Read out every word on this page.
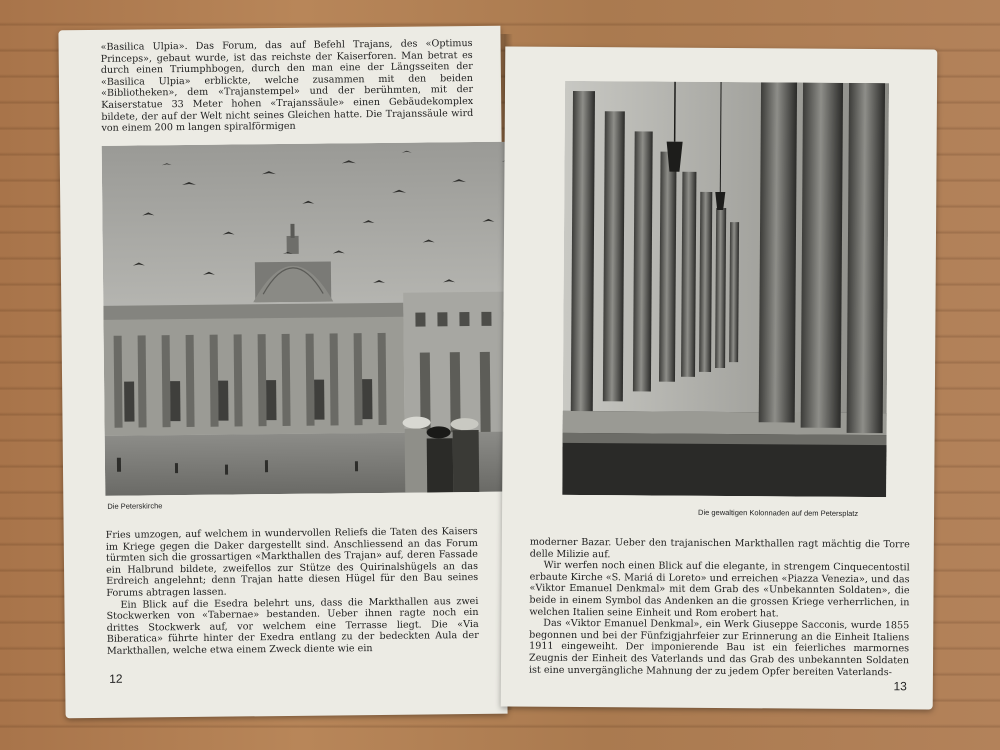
«Basilica Ulpia». Das Forum, das auf Befehl Trajans, des «Optimus Princeps», gebaut wurde, ist das reichste der Kaiserforen. Man betrat es durch einen Triumphbogen, durch den man eine der Längsseiten der «Basilica Ulpia» erblickte, welche zusammen mit den beiden «Bibliotheken», dem «Trajanstempel» und der berühmten, mit der Kaiserstatue 33 Meter hohen «Trajanssäule» einen Gebäudekomplex bildete, der auf der Welt nicht seines Gleichen hatte. Die Trajanssäule wird von einem 200 m langen spiralförmigen

Die Peterskirche

Fries umzogen, auf welchem in wundervollen Reliefs die Taten des Kaisers im Kriege gegen die Daker dargestellt sind. Anschliessend an das Forum türmten sich die grossartigen «Markthallen des Trajan» auf, deren Fassade ein Halbrund bildete, zweifellos zur Stütze des Quirinalshügels an das Erdreich angelehnt; denn Trajan hatte diesen Hügel für den Bau seines Forums abtragen lassen.

Ein Blick auf die Esedra belehrt uns, dass die Markthallen aus zwei Stockwerken von «Tabernae» bestanden. Ueber ihnen ragte noch ein drittes Stockwerk auf, vor welchem eine Terrasse liegt. Die «Via Biberatica» führte hinter der Exedra entlang zu der bedeckten Aula der Markthallen, welche etwa einem Zweck diente wie ein

12
Die gewaltigen Kolonnaden auf dem Petersplatz

moderner Bazar. Ueber den trajanischen Markthallen ragt mächtig die Torre delle Milizie auf.

Wir werfen noch einen Blick auf die elegante, in strengem Cinquecentostil erbaute Kirche «S. Mariá di Loreto» und erreichen «Piazza Venezia», und das «Viktor Emanuel Denkmal» mit dem Grab des «Unbekannten Soldaten», die beide in einem Symbol das Andenken an die grossen Kriege verherrlichen, in welchen Italien seine Einheit und Rom erobert hat.

Das «Viktor Emanuel Denkmal», ein Werk Giuseppe Sacconis, wurde 1855 begonnen und bei der Fünfzigjahrfeier zur Erinnerung an die Einheit Italiens 1911 eingeweiht. Der imponierende Bau ist ein feierliches marmornes Zeugnis der Einheit des Vaterlands und das Grab des unbekannten Soldaten ist eine unvergängliche Mahnung der zu jedem Opfer bereiten Vaterlands-

13
